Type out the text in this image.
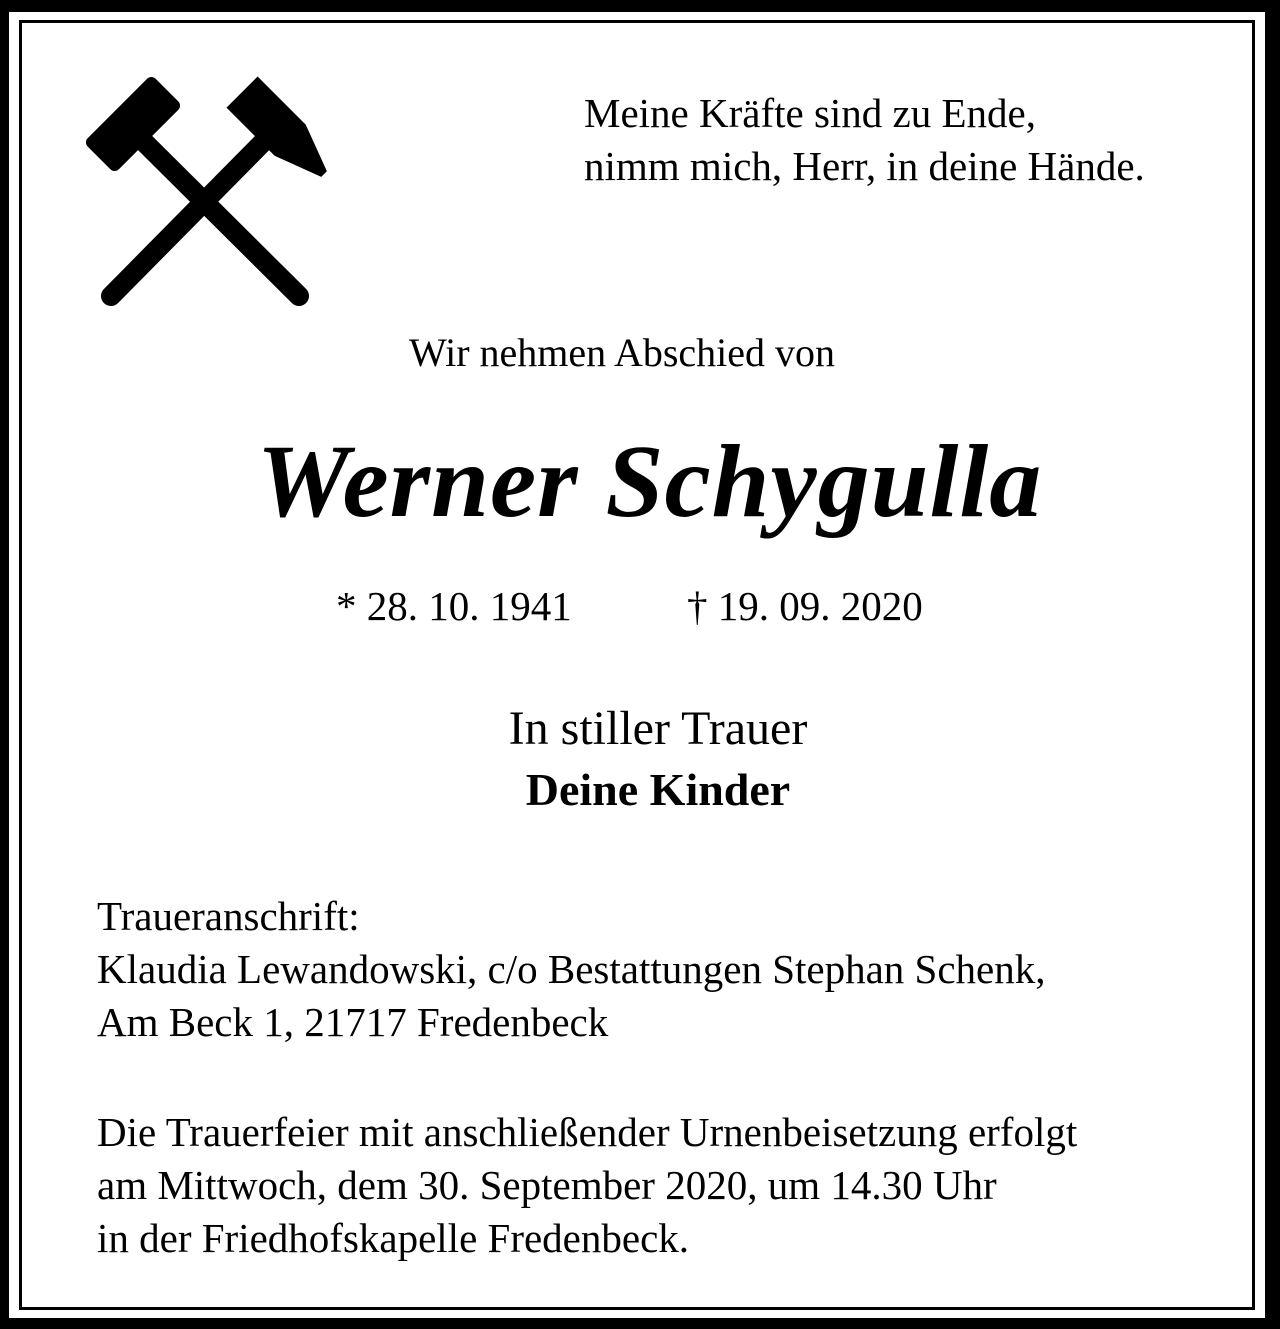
Meine Kräfte sind zu Ende,
nimm mich, Herr, in deine Hände.
Wir nehmen Abschied von
Werner Schygulla
* 28. 10. 1941	† 19. 09. 2020
In stiller Trauer
Deine Kinder
Traueranschrift:
Klaudia Lewandowski, c/o Bestattungen Stephan Schenk,
Am Beck 1, 21717 Fredenbeck
Die Trauerfeier mit anschließender Urnenbeisetzung erfolgt
am Mittwoch, dem 30. September 2020, um 14.30 Uhr
in der Friedhofskapelle Fredenbeck.
